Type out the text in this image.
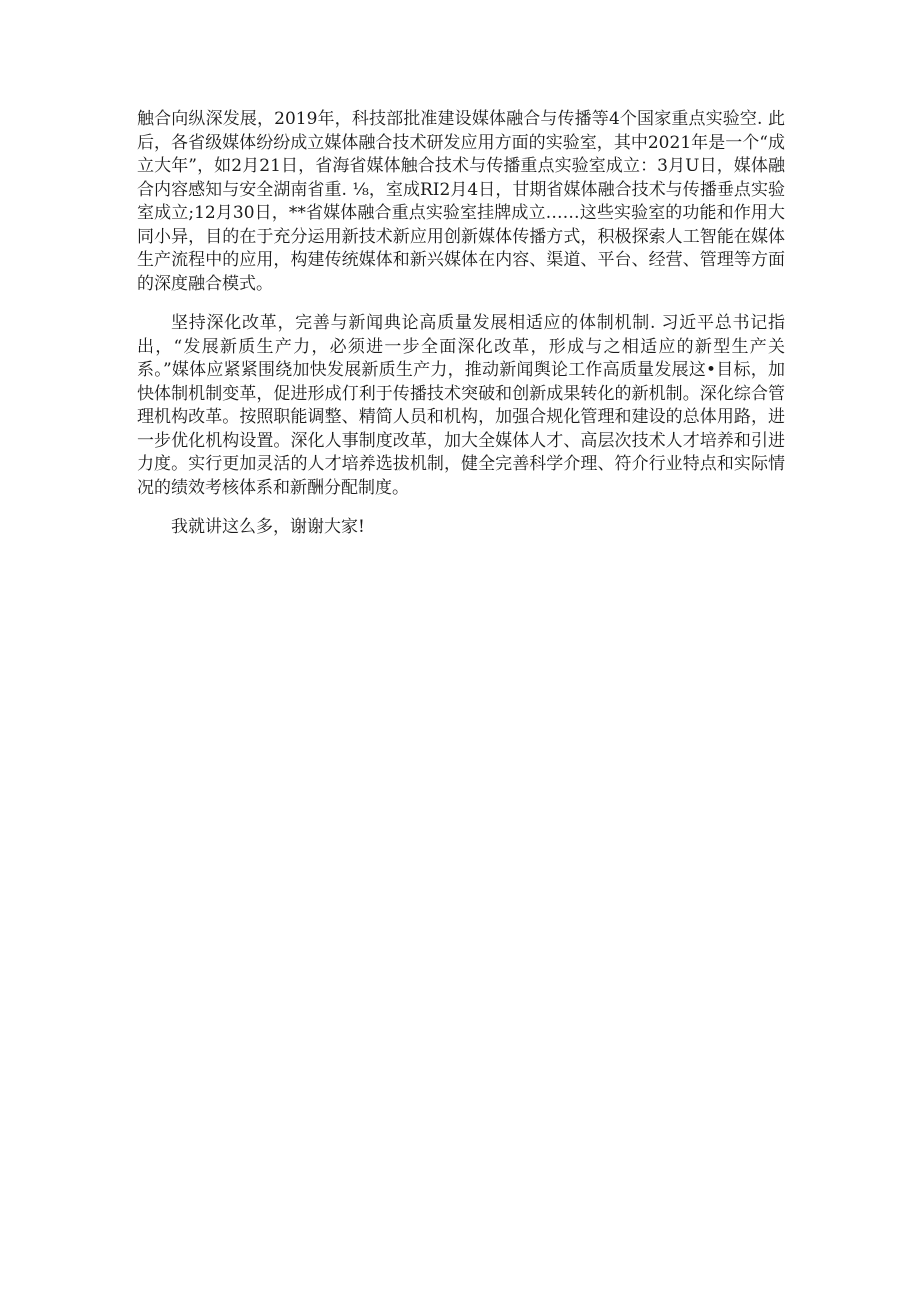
触合向纵深发展，2019年，科技部批准建设媒体融合与传播等4个国家重点实验空. 此后，各省级媒体纷纷成立媒体融合技术研发应用方面的实验室，其中2021年是一个“成立大年”，如2月21日，省海省媒体触合技术与传播重点实验室成立：3月U日，媒体融合内容感知与安全湖南省重. ⅛，室成RI2月4日，甘期省媒体融合技术与传播垂点实验室成立;12月30日，**省媒体融合重点实验室挂牌成立……这些实验室的功能和作用大同小异，目的在于充分运用新技术新应用创新媒体传播方式，积极探索人工智能在媒体生产流程中的应用，构建传统媒体和新兴媒体在内容、渠道、平台、经营、管理等方面的深度融合模式。

坚持深化改革，完善与新闻典论高质量发展相适应的体制机制. 习近平总书记指出，“发展新质生产力，必须进一步全面深化改革，形成与之相适应的新型生产关系。”媒体应紧紧围绕加快发展新质生产力，推动新闻舆论工作高质量发展这•目标，加快体制机制变革，促进形成仃利于传播技术突破和创新成果转化的新机制。深化综合管理机构改革。按照职能调整、精简人员和机构，加强合规化管理和建设的总体用路，进一步优化机构设置。深化人事制度改革，加大全媒体人才、高层次技术人才培养和引进力度。实行更加灵活的人才培养选拔机制，健全完善科学介理、符介行业特点和实际情况的绩效考核体系和新酬分配制度。

我就讲这么多，谢谢大家!
